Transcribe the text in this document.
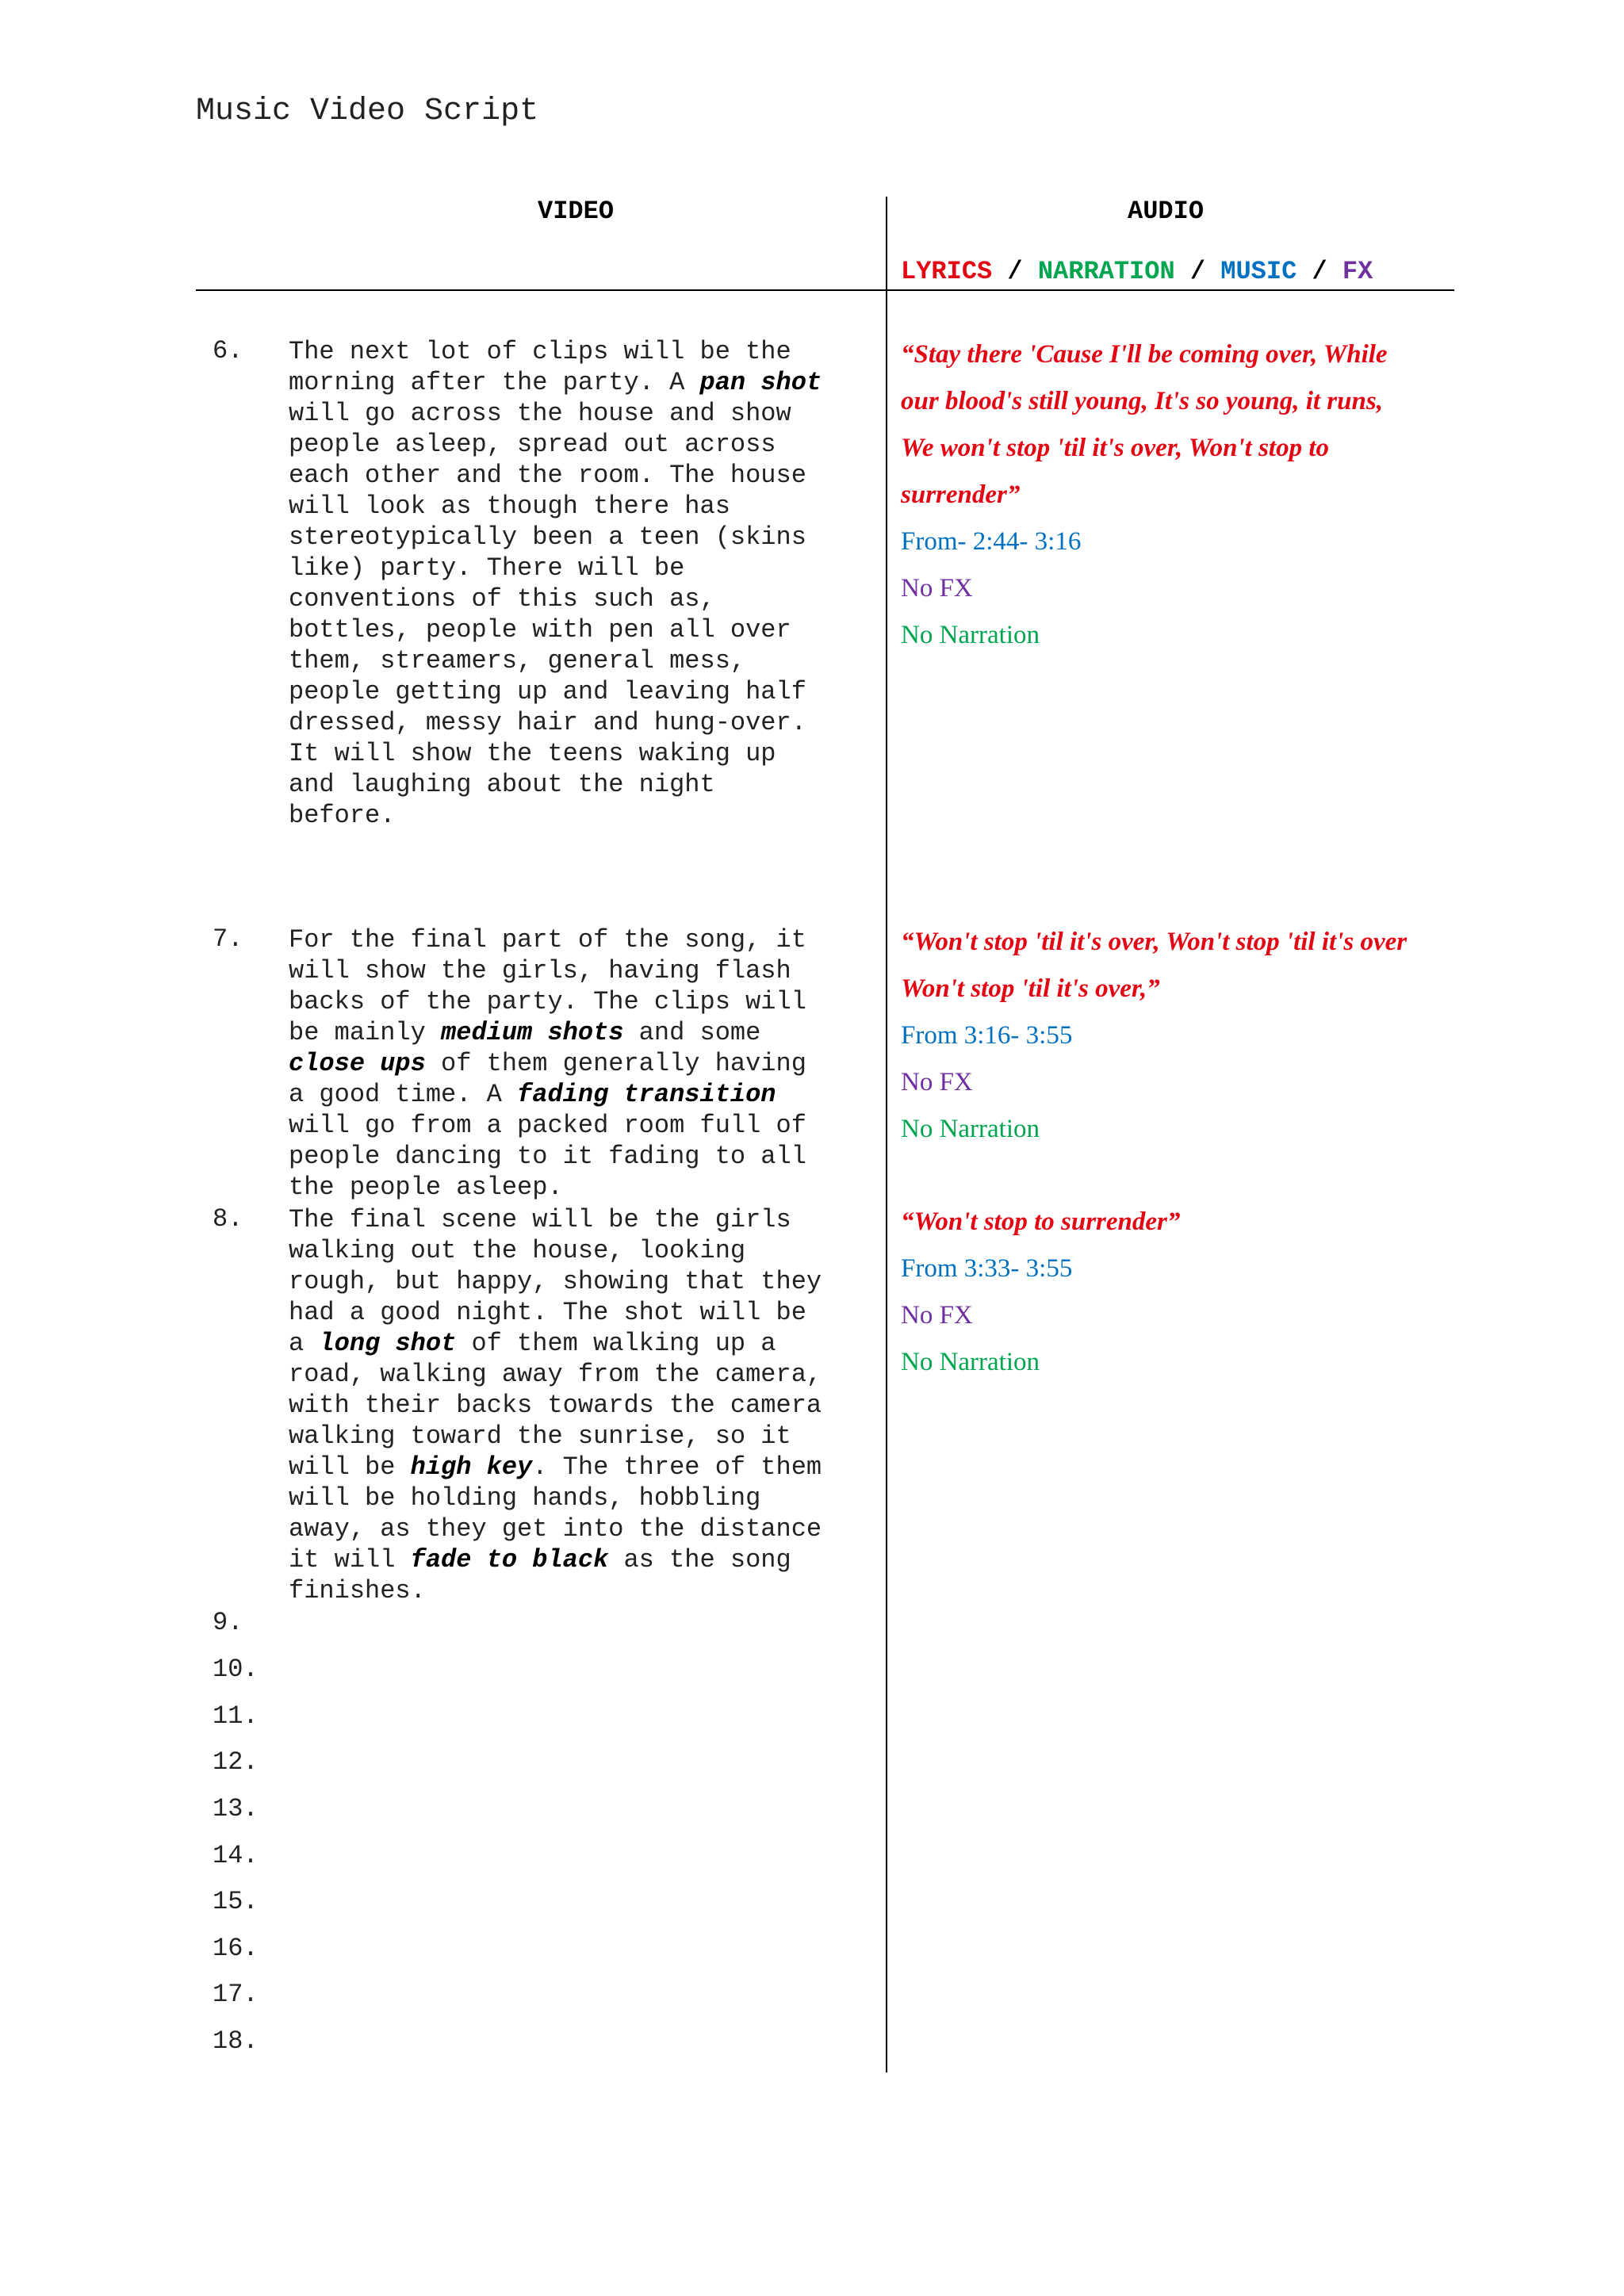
Music Video Script
VIDEO	AUDIO
LYRICS / NARRATION / MUSIC / FX
6. The next lot of clips will be the
morning after the party. A pan shot
will go across the house and show
people asleep, spread out across
each other and the room. The house
will look as though there has
stereotypically been a teen (skins
like) party. There will be
conventions of this such as,
bottles, people with pen all over
them, streamers, general mess,
people getting up and leaving half
dressed, messy hair and hung-over.
It will show the teens waking up
and laughing about the night
before.
“Stay there 'Cause I'll be coming over, While
our blood's still young, It's so young, it runs,
We won't stop 'til it's over, Won't stop to
surrender”
From- 2:44- 3:16
No FX
No Narration
7. For the final part of the song, it
will show the girls, having flash
backs of the party. The clips will
be mainly medium shots and some
close ups of them generally having
a good time. A fading transition
will go from a packed room full of
people dancing to it fading to all
the people asleep.
“Won't stop 'til it's over, Won't stop 'til it's over
Won't stop 'til it's over,”
From 3:16- 3:55
No FX
No Narration
8. The final scene will be the girls
walking out the house, looking
rough, but happy, showing that they
had a good night. The shot will be
a long shot of them walking up a
road, walking away from the camera,
with their backs towards the camera
walking toward the sunrise, so it
will be high key. The three of them
will be holding hands, hobbling
away, as they get into the distance
it will fade to black as the song
finishes.
“Won't stop to surrender”
From 3:33- 3:55
No FX
No Narration
9.
10.
11.
12.
13.
14.
15.
16.
17.
18.
